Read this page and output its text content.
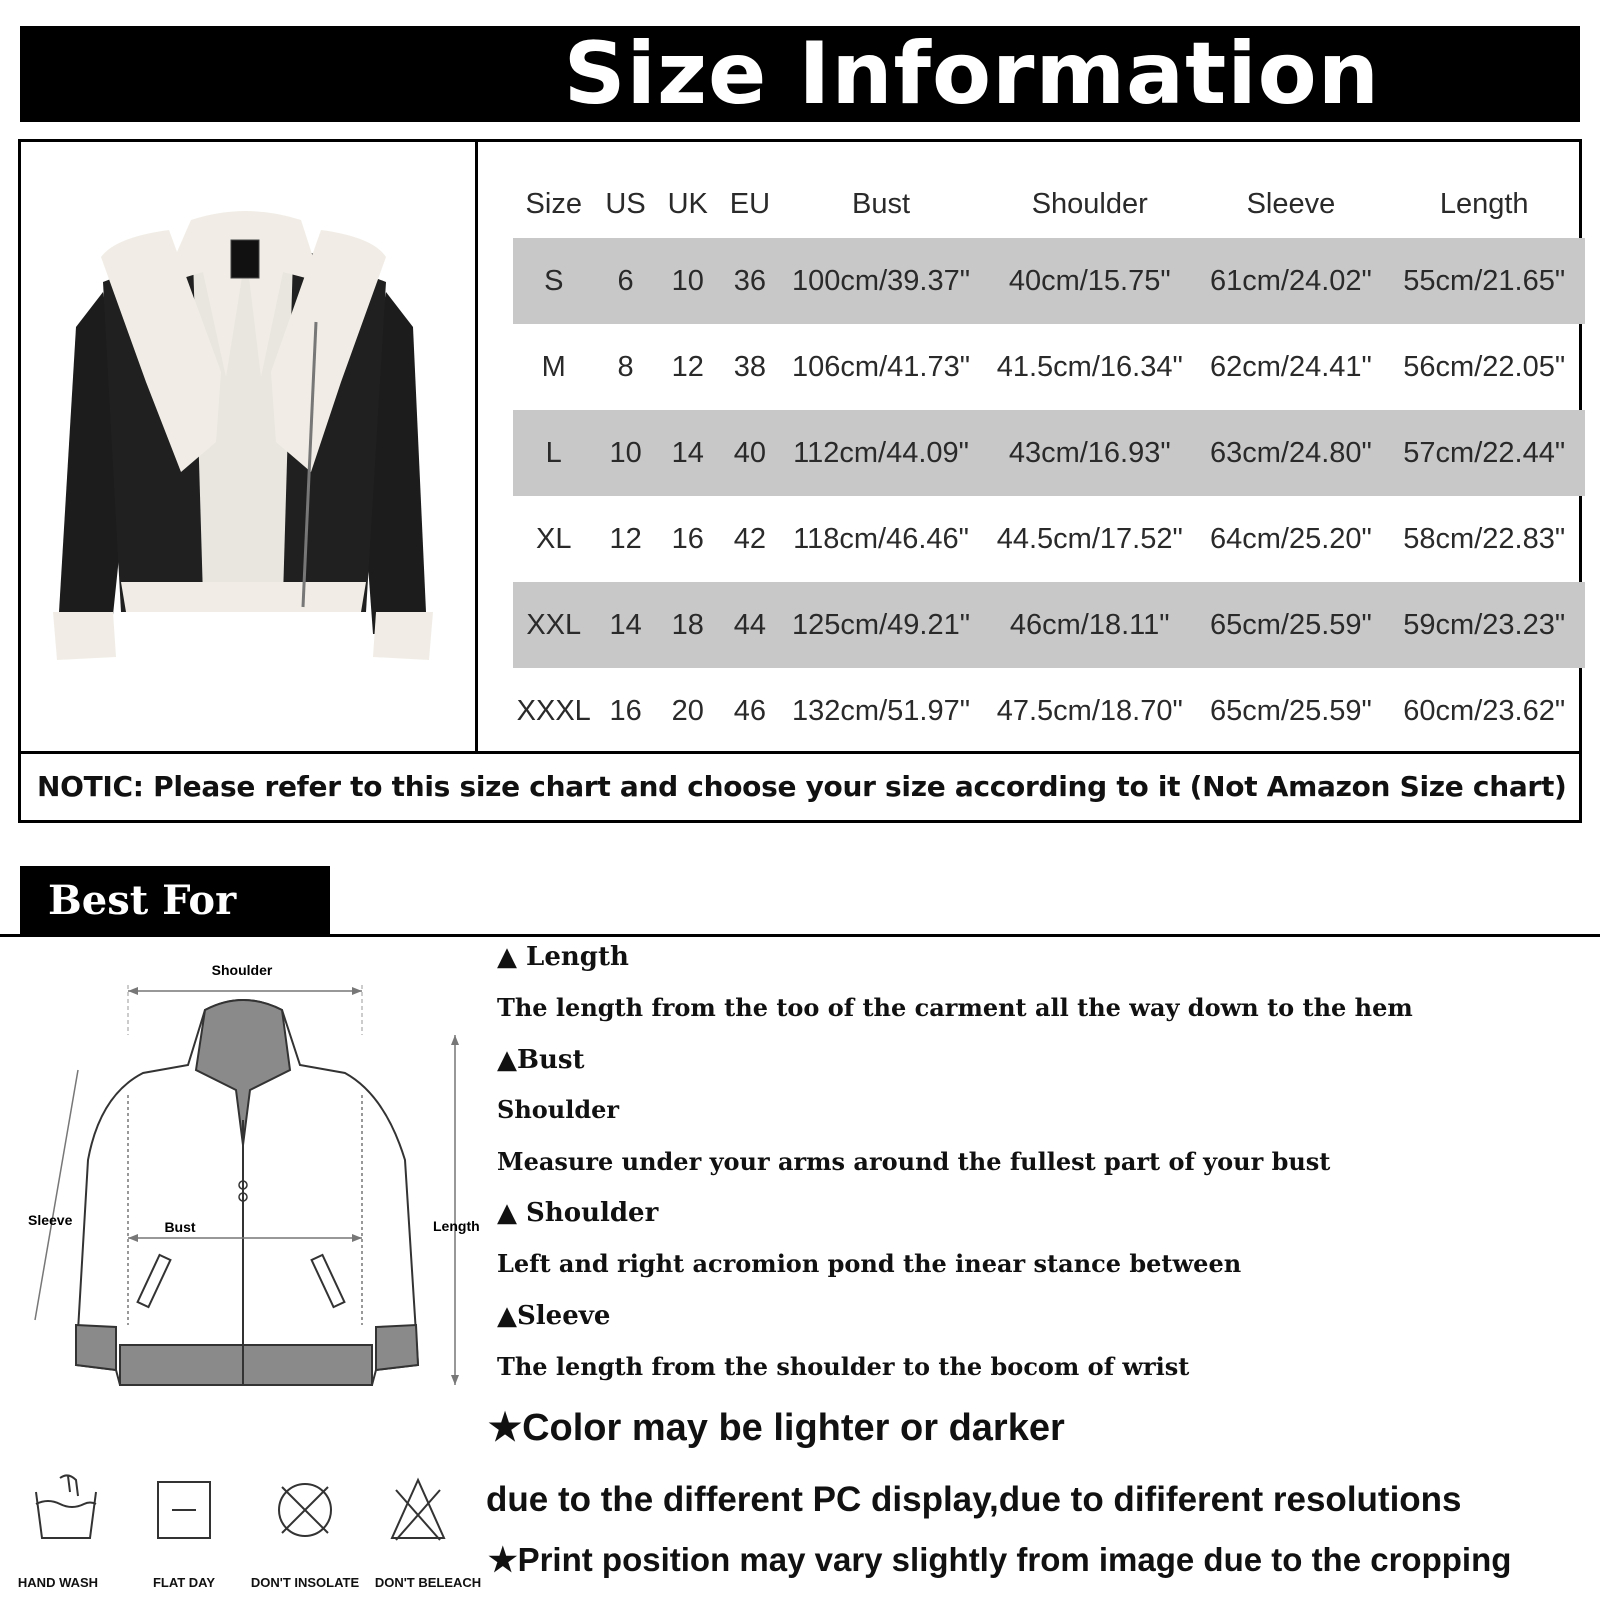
Size Information
Size	US	UK	EU	Bust	Shoulder	Sleeve	Length
S	6	10	36	100cm/39.37"	40cm/15.75"	61cm/24.02"	55cm/21.65"
M	8	12	38	106cm/41.73"	41.5cm/16.34"	62cm/24.41"	56cm/22.05"
L	10	14	40	112cm/44.09"	43cm/16.93"	63cm/24.80"	57cm/22.44"
XL	12	16	42	118cm/46.46"	44.5cm/17.52"	64cm/25.20"	58cm/22.83"
XXL	14	18	44	125cm/49.21"	46cm/18.11"	65cm/25.59"	59cm/23.23"
XXXL	16	20	46	132cm/51.97"	47.5cm/18.70"	65cm/25.59"	60cm/23.62"
NOTIC: Please refer to this size chart and choose your size according to it (Not Amazon Size chart)
Best For You	Shoulder
Sleeve	Bust	Length
HAND WASH	FLAT DAY	DON'T INSOLATE DON'T BELEACH
▲ Length
The length from the too of the carment all the way down to the hem
▲Bust
Shoulder
Measure under your arms around the fullest part of your bust
▲ Shoulder
Left and right acromion pond the inear stance between
▲Sleeve
The length from the shoulder to the bocom of wrist
★Color may be lighter or darker
due to the different PC display,due to dififerent resolutions
★Print position may vary slightly from image due to the cropping
